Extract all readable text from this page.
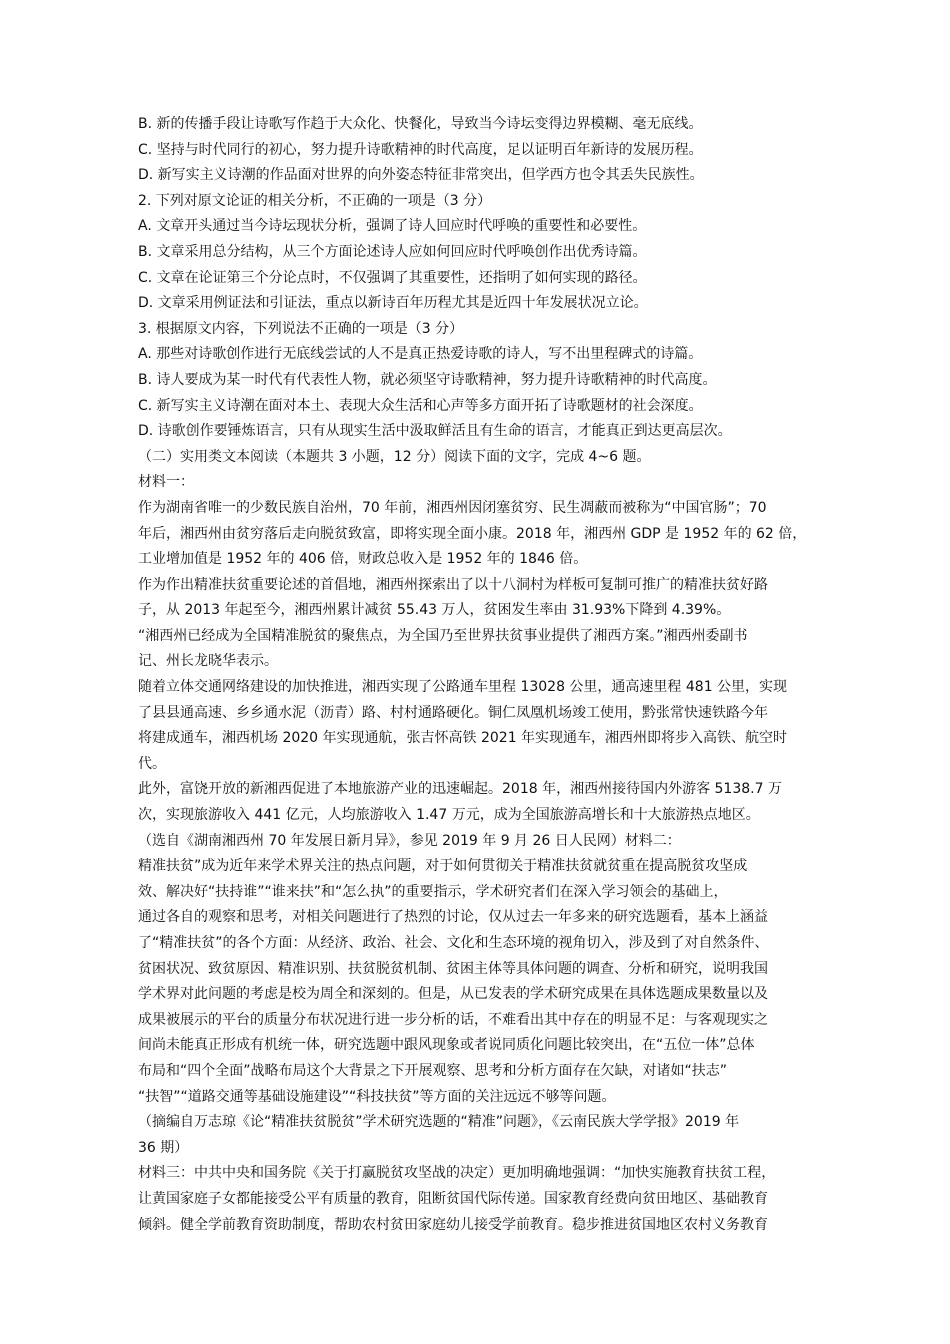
B. 新的传播手段让诗歌写作趋于大众化、快餐化，导致当今诗坛变得边界模糊、毫无底线。
C. 坚持与时代同行的初心，努力提升诗歌精神的时代高度，足以证明百年新诗的发展历程。
D. 新写实主义诗潮的作品面对世界的向外姿态特征非常突出，但学西方也令其丢失民族性。
2. 下列对原文论证的相关分析，不正确的一项是（3 分）
A. 文章开头通过当今诗坛现状分析，强调了诗人回应时代呼唤的重要性和必要性。
B. 文章采用总分结构，从三个方面论述诗人应如何回应时代呼唤创作出优秀诗篇。
C. 文章在论证第三个分论点时，不仅强调了其重要性，还指明了如何实现的路径。
D. 文章采用例证法和引证法，重点以新诗百年历程尤其是近四十年发展状况立论。
3. 根据原文内容，下列说法不正确的一项是（3 分）
A. 那些对诗歌创作进行无底线尝试的人不是真正热爱诗歌的诗人，写不出里程碑式的诗篇。
B. 诗人要成为某一时代有代表性人物，就必须坚守诗歌精神，努力提升诗歌精神的时代高度。
C. 新写实主义诗潮在面对本土、表现大众生活和心声等多方面开拓了诗歌题材的社会深度。
D. 诗歌创作要锤炼语言，只有从现实生活中汲取鲜活且有生命的语言，才能真正到达更高层次。
（二）实用类文本阅读（本题共 3 小题，12 分）阅读下面的文字，完成 4~6 题。
材料一：
作为湖南省唯一的少数民族自治州，70 年前，湘西州因闭塞贫穷、民生凋蔽而被称为“中国官肠”；70
年后，湘西州由贫穷落后走向脱贫致富，即将实现全面小康。2018 年，湘西州 GDP 是 1952 年的 62 倍，
工业增加值是 1952 年的 406 倍，财政总收入是 1952 年的 1846 倍。
作为作出精准扶贫重要论述的首倡地，湘西州探索出了以十八洞村为样板可复制可推广的精准扶贫好路
子，从 2013 年起至今，湘西州累计减贫 55.43 万人，贫困发生率由 31.93%下降到 4.39%。
“湘西州已经成为全国精准脱贫的聚焦点，为全国乃至世界扶贫事业提供了湘西方案。”湘西州委副书
记、州长龙晓华表示。
随着立体交通网络建设的加快推进，湘西实现了公路通车里程 13028 公里，通高速里程 481 公里，实现
了县县通高速、乡乡通水泥（沥青）路、村村通路硬化。铜仁凤凰机场竣工使用，黔张常快速铁路今年
将建成通车，湘西机场 2020 年实现通航，张吉怀高铁 2021 年实现通车，湘西州即将步入高铁、航空时
代。
此外，富饶开放的新湘西促进了本地旅游产业的迅速崛起。2018 年，湘西州接待国内外游客 5138.7 万
次，实现旅游收入 441 亿元，人均旅游收入 1.47 万元，成为全国旅游高增长和十大旅游热点地区。
（选自《湖南湘西州 70 年发展日新月异》，参见 2019 年 9 月 26 日人民网）材料二：
精准扶贫”成为近年来学术界关注的热点问题，对于如何贯彻关于精准扶贫就贫重在提高脱贫攻坚成
效、解决好“扶持谁”“谁来扶”和“怎么执”的重要指示，学术研究者们在深入学习领会的基础上，
通过各自的观察和思考，对相关问题进行了热烈的讨论，仅从过去一年多来的研究选题看，基本上涵益
了“精准扶贫”的各个方面：从经济、政治、社会、文化和生态环境的视角切入，涉及到了对自然条件、
贫困状况、致贫原因、精准识别、扶贫脱贫机制、贫困主体等具体问题的调查、分析和研究，说明我国
学术界对此问题的考虑是校为周全和深刻的。但是，从已发表的学术研究成果在具体选题成果数量以及
成果被展示的平台的质量分布状况进行进一步分析的话，不难看出其中存在的明显不足：与客观现实之
间尚未能真正形成有机统一体，研究选题中跟风现象或者说同质化问题比较突出，在“五位一体”总体
布局和“四个全面”战略布局这个大背景之下开展观察、思考和分析方面存在欠缺，对诸如“扶志”
“扶智”“道路交通等基础设施建设”“科技扶贫”等方面的关注远远不够等问题。
（摘编自万志琼《论“精准扶贫脱贫”学术研究选题的“精准”问题》，《云南民族大学学报》2019 年
36 期）
材料三：中共中央和国务院《关于打赢脱贫攻坚战的决定）更加明确地强调：“加快实施教育扶贫工程，
让黄国家庭子女都能接受公平有质量的教育，阻断贫国代际传递。国家教育经费向贫田地区、基础教育
倾斜。健全学前教育资助制度，帮助农村贫田家庭幼儿接受学前教育。稳步推进贫国地区农村义务教育
